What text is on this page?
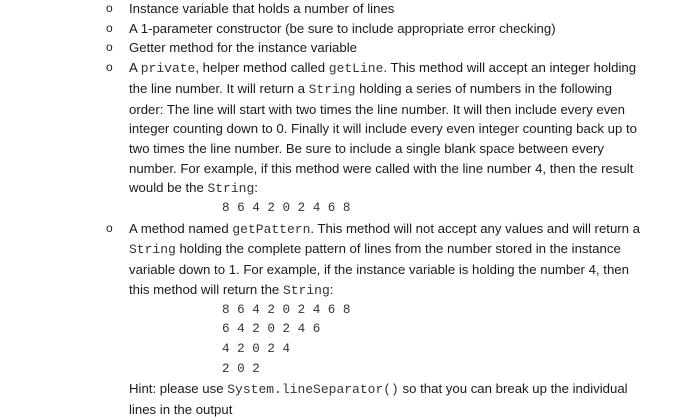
o	Instance variable that holds a number of lines
o	A 1-parameter constructor (be sure to include appropriate error checking)
o	Getter method for the instance variable
o	A private, helper method called getLine. This method will accept an integer holding the line number. It will return a String holding a series of numbers in the following order: The line will start with two times the line number. It will then include every even integer counting down to 0. Finally it will include every even integer counting back up to two times the line number. Be sure to include a single blank space between every number. For example, if this method were called with the line number 4, then the result would be the String:
8 6 4 2 0 2 4 6 8
o	A method named getPattern. This method will not accept any values and will return a String holding the complete pattern of lines from the number stored in the instance variable down to 1. For example, if the instance variable is holding the number 4, then this method will return the String:
8 6 4 2 0 2 4 6 8
6 4 2 0 2 4 6
4 2 0 2 4
2 0 2
Hint: please use System.lineSeparator() so that you can break up the individual lines in the output
